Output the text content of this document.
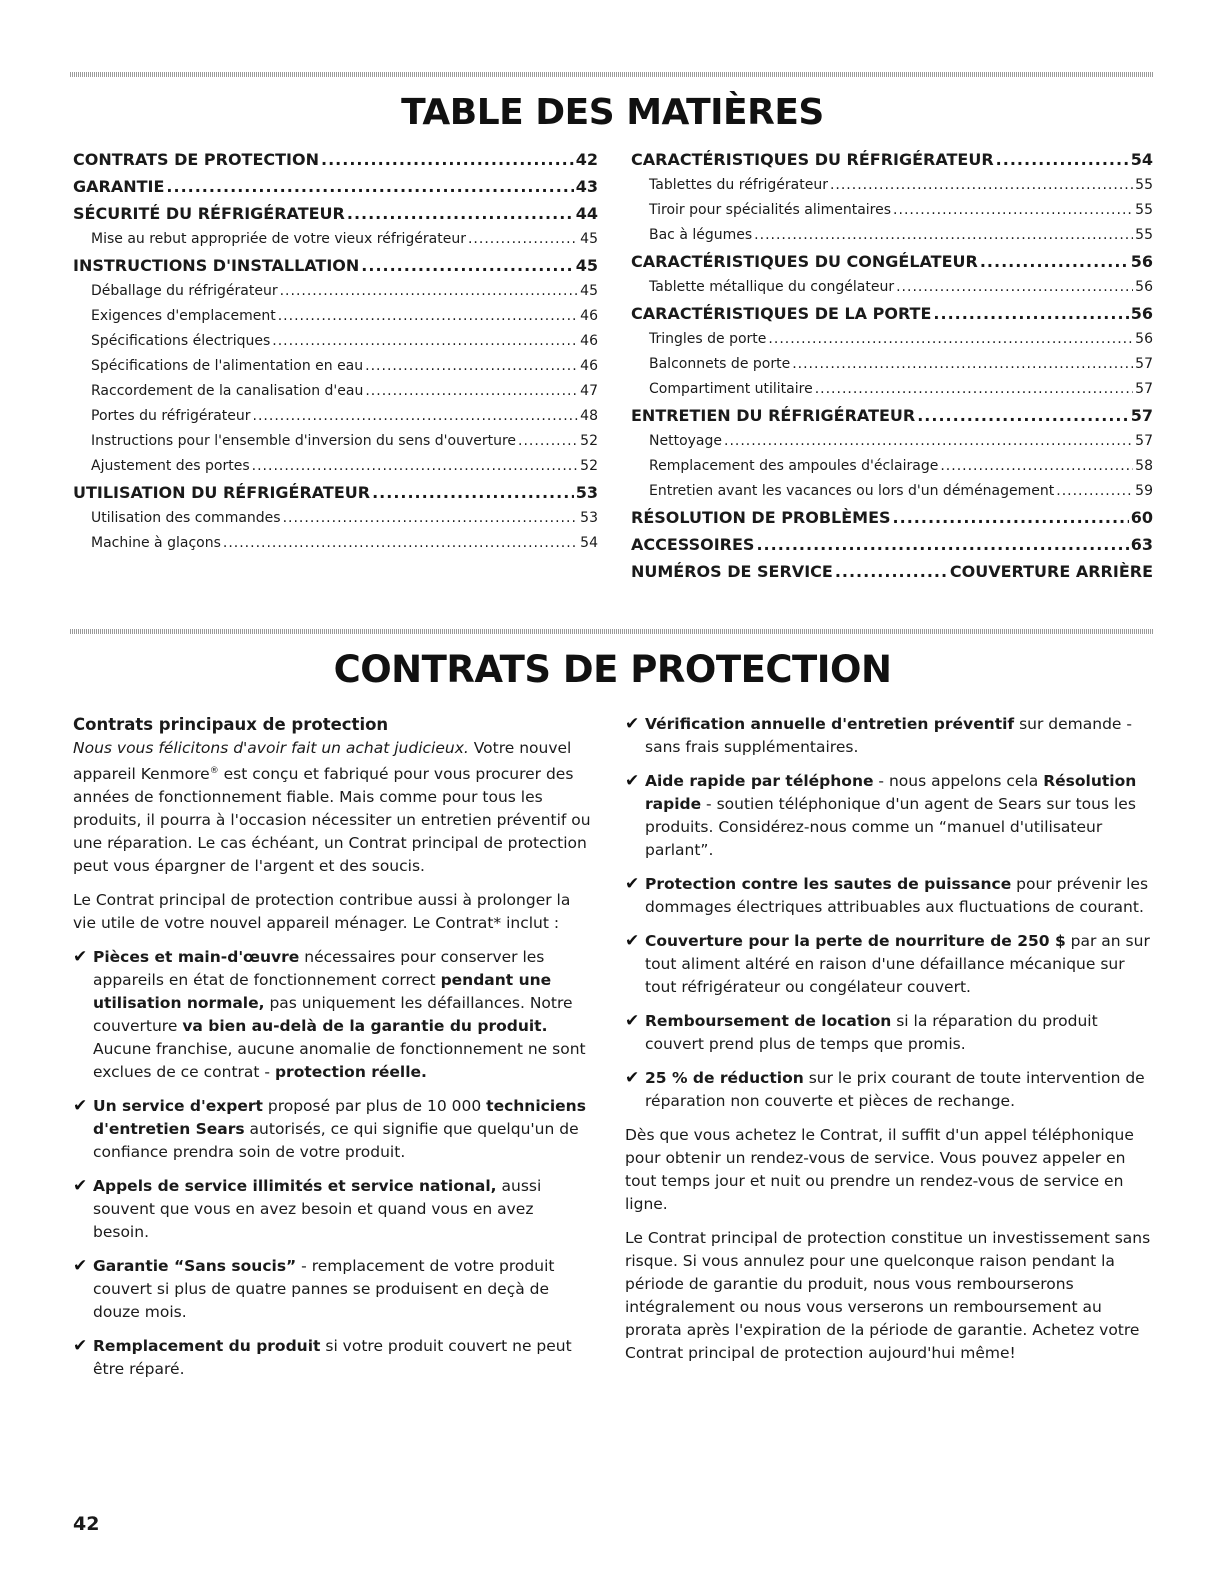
TABLE DES MATIÈRES
CONTRATS DE PROTECTION .....	42
GARANTIE .....	43
SÉCURITÉ DU RÉFRIGÉRATEUR .....	44
Mise au rebut appropriée de votre vieux réfrigérateur .....	45
INSTRUCTIONS D'INSTALLATION .....	45
Déballage du réfrigérateur .....	45
Exigences d'emplacement .....	46
Spécifications électriques .....	46
Spécifications de l'alimentation en eau .....	46
Raccordement de la canalisation d'eau .....	47
Portes du réfrigérateur .....	48
Instructions pour l'ensemble d'inversion du sens d'ouverture .....	52
Ajustement des portes .....	52
UTILISATION DU RÉFRIGÉRATEUR .....	53
Utilisation des commandes .....	53
Machine à glaçons .....	54
CARACTÉRISTIQUES DU RÉFRIGÉRATEUR .....	54
Tablettes du réfrigérateur .....	55
Tiroir pour spécialités alimentaires .....	55
Bac à légumes .....	55
CARACTÉRISTIQUES DU CONGÉLATEUR .....	56
Tablette métallique du congélateur .....	56
CARACTÉRISTIQUES DE LA PORTE .....	56
Tringles de porte .....	56
Balconnets de porte .....	57
Compartiment utilitaire .....	57
ENTRETIEN DU RÉFRIGÉRATEUR .....	57
Nettoyage .....	57
Remplacement des ampoules d'éclairage .....	58
Entretien avant les vacances ou lors d'un déménagement .....	59
RÉSOLUTION DE PROBLÈMES .....	60
ACCESSOIRES .....	63
NUMÉROS DE SERVICE .....	COUVERTURE ARRIÈRE
CONTRATS DE PROTECTION
Contrats principaux de protection

Nous vous félicitons d'avoir fait un achat judicieux. Votre nouvel appareil Kenmore® est conçu et fabriqué pour vous procurer des années de fonctionnement fiable. Mais comme pour tous les produits, il pourra à l'occasion nécessiter un entretien préventif ou une réparation. Le cas échéant, un Contrat principal de protection peut vous épargner de l'argent et des soucis.

Le Contrat principal de protection contribue aussi à prolonger la vie utile de votre nouvel appareil ménager. Le Contrat* inclut :

✔ Pièces et main-d'œuvre nécessaires pour conserver les appareils en état de fonctionnement correct pendant une utilisation normale, pas uniquement les défaillances. Notre couverture va bien au-delà de la garantie du produit. Aucune franchise, aucune anomalie de fonctionnement ne sont exclues de ce contrat - protection réelle.
✔ Un service d'expert proposé par plus de 10 000 techniciens d'entretien Sears autorisés, ce qui signifie que quelqu'un de confiance prendra soin de votre produit.
✔ Appels de service illimités et service national, aussi souvent que vous en avez besoin et quand vous en avez besoin.
✔ Garantie “Sans soucis” - remplacement de votre produit couvert si plus de quatre pannes se produisent en deçà de douze mois.
✔ Remplacement du produit si votre produit couvert ne peut être réparé.
✔ Vérification annuelle d'entretien préventif sur demande - sans frais supplémentaires.
✔ Aide rapide par téléphone - nous appelons cela Résolution rapide - soutien téléphonique d'un agent de Sears sur tous les produits. Considérez-nous comme un “manuel d'utilisateur parlant”.
✔ Protection contre les sautes de puissance pour prévenir les dommages électriques attribuables aux fluctuations de courant.
✔ Couverture pour la perte de nourriture de 250 $ par an sur tout aliment altéré en raison d'une défaillance mécanique sur tout réfrigérateur ou congélateur couvert.
✔ Remboursement de location si la réparation du produit couvert prend plus de temps que promis.
✔ 25 % de réduction sur le prix courant de toute intervention de réparation non couverte et pièces de rechange.

Dès que vous achetez le Contrat, il suffit d'un appel téléphonique pour obtenir un rendez-vous de service. Vous pouvez appeler en tout temps jour et nuit ou prendre un rendez-vous de service en ligne.

Le Contrat principal de protection constitue un investissement sans risque. Si vous annulez pour une quelconque raison pendant la période de garantie du produit, nous vous rembourserons intégralement ou nous vous verserons un remboursement au prorata après l'expiration de la période de garantie. Achetez votre Contrat principal de protection aujourd'hui même!

42
